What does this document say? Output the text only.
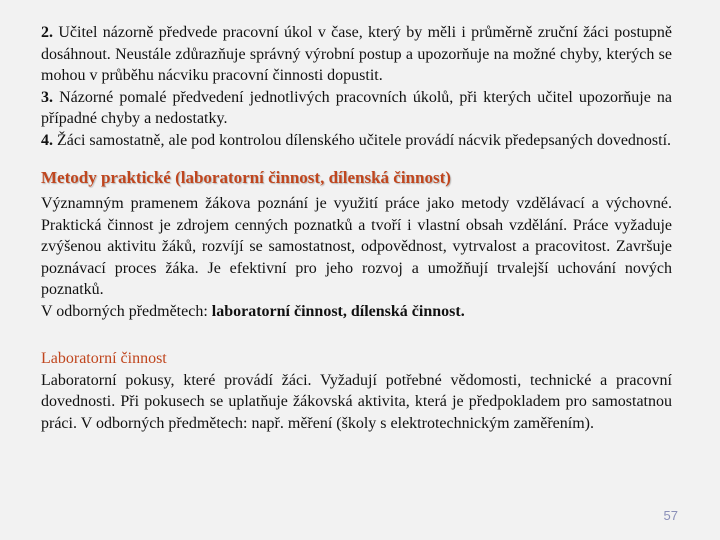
2. Učitel názorně předvede pracovní úkol v čase, který by měli i průměrně zruční žáci postupně dosáhnout. Neustále zdůrazňuje správný výrobní postup a upozorňuje na možné chyby, kterých se mohou v průběhu nácviku pracovní činnosti dopustit.

3. Názorné pomalé předvedení jednotlivých pracovních úkolů, při kterých učitel upozorňuje na případné chyby a nedostatky.

4. Žáci samostatně, ale pod kontrolou dílenského učitele provádí nácvik předepsaných dovedností.

Metody praktické (laboratorní činnost, dílenská činnost)

Významným pramenem žákova poznání je využití práce jako metody vzdělávací a výchovné. Praktická činnost je zdrojem cenných poznatků a tvoří i vlastní obsah vzdělání. Práce vyžaduje zvýšenou aktivitu žáků, rozvíjí se samostatnost, odpovědnost, vytrvalost a pracovitost. Završuje poznávací proces žáka. Je efektivní pro jeho rozvoj a umožňují trvalejší uchování nových poznatků.

V odborných předmětech: laboratorní činnost, dílenská činnost.

Laboratorní činnost

Laboratorní pokusy, které provádí žáci. Vyžadují potřebné vědomosti, technické a pracovní dovednosti. Při pokusech se uplatňuje žákovská aktivita, která je předpokladem pro samostatnou práci. V odborných předmětech: např. měření (školy s elektrotechnickým zaměřením).

57
